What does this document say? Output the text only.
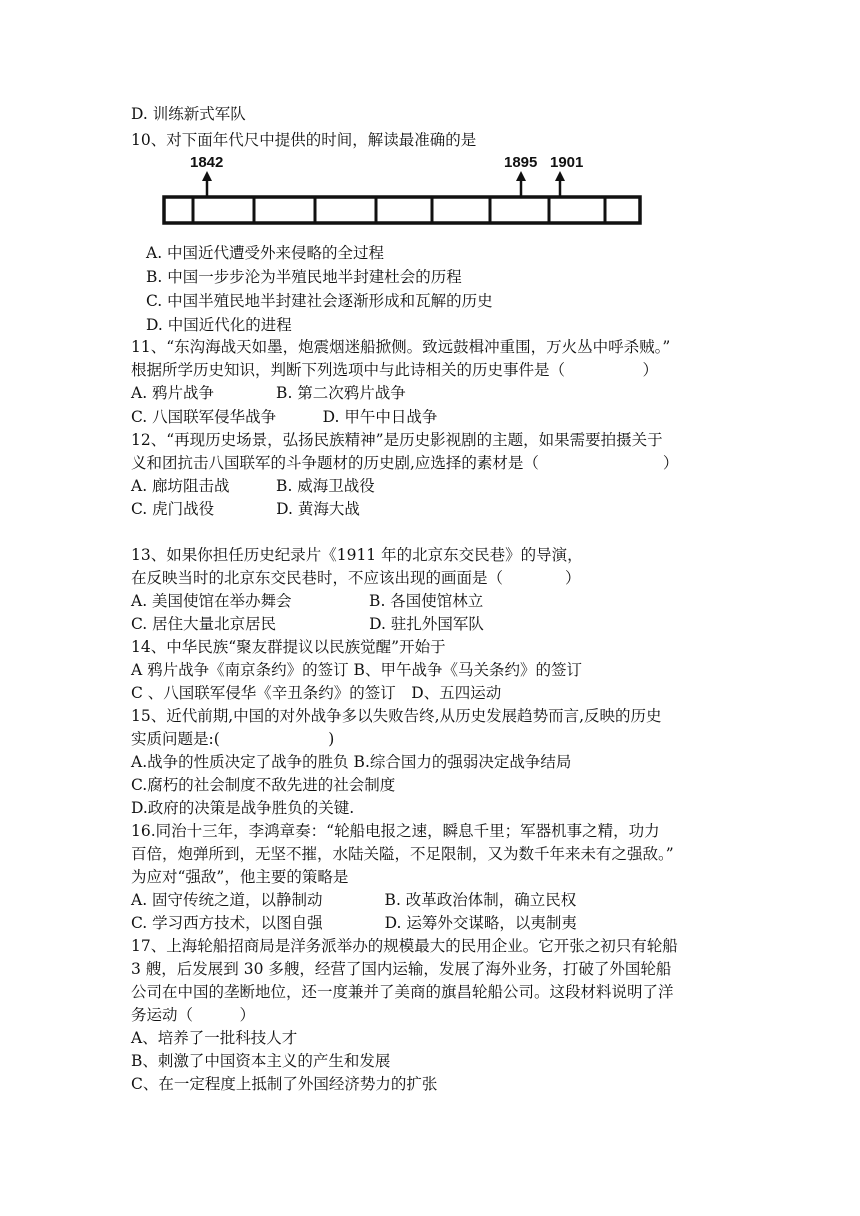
D. 训练新式军队
10、对下面年代尺中提供的时间，解读最准确的是
A. 中国近代遭受外来侵略的全过程
B. 中国一步步沦为半殖民地半封建杜会的历程
C. 中国半殖民地半封建社会逐渐形成和瓦解的历史
D. 中国近代化的进程
11、“东沟海战天如墨，炮震烟迷船掀侧。致远鼓楫冲重围，万火丛中呼杀贼。”
根据所学历史知识，判断下列选项中与此诗相关的历史事件是（　　　　　）
A. 鸦片战争　　　　B. 第二次鸦片战争
C. 八国联军侵华战争　　　D. 甲午中日战争
12、“再现历史场景，弘扬民族精神”是历史影视剧的主题，如果需要拍摄关于
义和团抗击八国联军的斗争题材的历史剧,应选择的素材是（　　　　　　　　）
A. 廊坊阻击战　　　B. 威海卫战役
C. 虎门战役　　　　D. 黄海大战
13、如果你担任历史纪录片《1911 年的北京东交民巷》的导演，
在反映当时的北京东交民巷时，不应该出现的画面是（　　　　）
A. 美国使馆在举办舞会　　　　　B. 各国使馆林立
C. 居住大量北京居民　　　　　　D. 驻扎外国军队
14、中华民族“聚友群提议以民族觉醒”开始于
A 鸦片战争《南京条约》的签订 B、甲午战争《马关条约》的签订
C 、八国联军侵华《辛丑条约》的签订　D、五四运动
15、近代前期,中国的对外战争多以失败告终,从历史发展趋势而言,反映的历史
实质问题是:(　　　　　　　)
A.战争的性质决定了战争的胜负 B.综合国力的强弱决定战争结局
C.腐朽的社会制度不敌先进的社会制度
D.政府的决策是战争胜负的关键.
16.同治十三年，李鸿章奏：“轮船电报之速，瞬息千里；军器机事之精，功力
百倍，炮弹所到，无坚不摧，水陆关隘，不足限制，又为数千年来未有之强敌。”
为应对“强敌”，他主要的策略是
A. 固守传统之道，以静制动　　　　B. 改革政治体制，确立民权
C. 学习西方技术，以图自强　　　　D. 运筹外交谋略，以夷制夷
17、上海轮船招商局是洋务派举办的规模最大的民用企业。它开张之初只有轮船
3 艘，后发展到 30 多艘，经营了国内运输，发展了海外业务，打破了外国轮船
公司在中国的垄断地位，还一度兼并了美商的旗昌轮船公司。这段材料说明了洋
务运动（　　　）
A、培养了一批科技人才
B、刺激了中国资本主义的产生和发展
C、在一定程度上抵制了外国经济势力的扩张
1842	1895 1901
